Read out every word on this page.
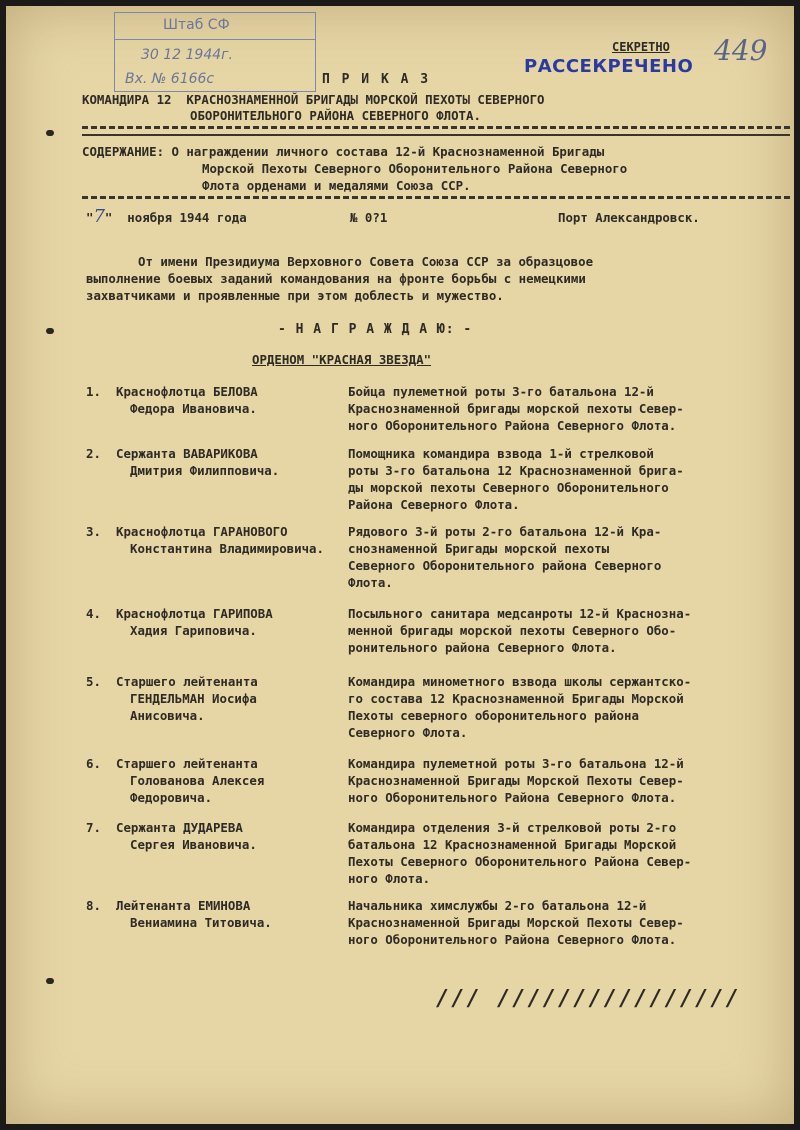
Штаб СФ
30 12 1944г.
Вх. № 6166с
СЕКРЕТНО
РАССЕКРЕЧЕНО 449
П Р И К А З
КОМАНДИРА 12  КРАСНОЗНАМЕННОЙ БРИГАДЫ МОРСКОЙ ПЕХОТЫ СЕВЕРНОГО
ОБОРОНИТЕЛЬНОГО РАЙОНА СЕВЕРНОГО ФЛОТА.
СОДЕРЖАНИЕ: О награждении личного состава 12-й Краснознаменной Бригады
Морской Пехоты Северного Оборонительного Района Северного
Флота орденами и медалями Союза ССР.
"7"  ноября 1944 года	№ 0?1	Порт Александровск.
От имени Президиума Верховного Совета Союза ССР за образцовое
выполнение боевых заданий командования на фронте борьбы с немецкими
захватчиками и проявленные при этом доблесть и мужество.
- Н А Г Р А Ж Д А Ю: -
ОРДЕНОМ "КРАСНАЯ ЗВЕЗДА"
1. Краснофлотца БЕЛОВА
Федора Ивановича.
Бойца пулеметной роты 3-го батальона 12-й
Краснознаменной бригады морской пехоты Север-
ного Оборонительного Района Северного Флота.
2. Сержанта ВАВАРИКОВА
Дмитрия Филипповича.
Помощника командира взвода 1-й стрелковой
роты 3-го батальона 12 Краснознаменной брига-
ды морской пехоты Северного Оборонительного
Района Северного Флота.
3. Краснофлотца ГАРАНОВОГО
Константина Владимировича.
Рядового 3-й роты 2-го батальона 12-й Кра-
снознаменной Бригады морской пехоты
Северного Оборонительного района Северного
Флота.
4. Краснофлотца ГАРИПОВА
Хадия Гариповича.
Посыльного санитара медсанроты 12-й Краснозна-
менной бригады морской пехоты Северного Обо-
ронительного района Северного Флота.
5. Старшего лейтенанта
ГЕНДЕЛЬМАН Иосифа
Анисовича.
Командира минометного взвода школы сержантско-
го состава 12 Краснознаменной Бригады Морской
Пехоты северного оборонительного района
Северного Флота.
6. Старшего лейтенанта
Голованова Алексея
Федоровича.
Командира пулеметной роты 3-го батальона 12-й
Краснознаменной Бригады Морской Пехоты Север-
ного Оборонительного Района Северного Флота.
7. Сержанта ДУДАРЕВА
Сергея Ивановича.
Командира отделения 3-й стрелковой роты 2-го
батальона 12 Краснознаменной Бригады Морской
Пехоты Северного Оборонительного Района Север-
ного Флота.
8. Лейтенанта ЕМИНОВА
Вениамина Титовича.
Начальника химслужбы 2-го батальона 12-й
Краснознаменной Бригады Морской Пехоты Север-
ного Оборонительного Района Северного Флота.
/// ////////////////
